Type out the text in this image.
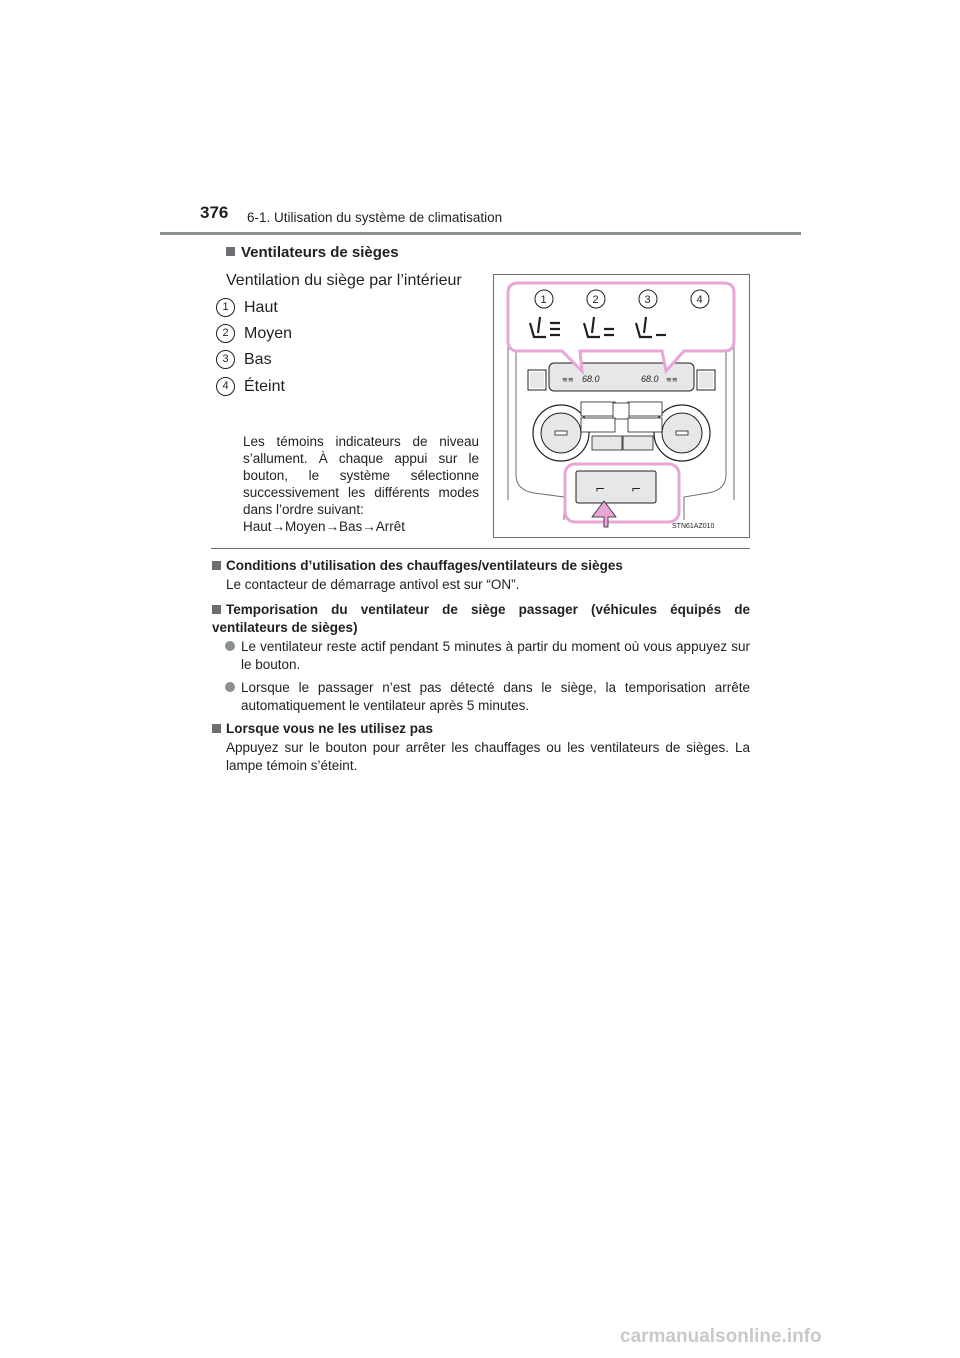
376 6-1. Utilisation du système de climatisation
Ventilateurs de sièges
Ventilation du siège par l’intérieur
1 Haut
2 Moyen
3 Bas
4 Éteint
Les témoins indicateurs de niveau s’allument. À chaque appui sur le bouton, le système sélectionne successivement les différents modes dans l’ordre suivant:
Haut→Moyen→Bas→Arrêt
≋≋ 68.0	68.0 ≋≋
⌐ ⌐
1	2	3	4
STN61AZ010
Conditions d’utilisation des chauffages/ventilateurs de sièges
Le contacteur de démarrage antivol est sur “ON”.
Temporisation du ventilateur de siège passager (véhicules équipés de ventilateurs de sièges)
Le ventilateur reste actif pendant 5 minutes à partir du moment où vous appuyez sur le bouton.
Lorsque le passager n’est pas détecté dans le siège, la temporisation arrête automatiquement le ventilateur après 5 minutes.
Lorsque vous ne les utilisez pas
Appuyez sur le bouton pour arrêter les chauffages ou les ventilateurs de sièges. La lampe témoin s’éteint.
carmanualsonline.info
